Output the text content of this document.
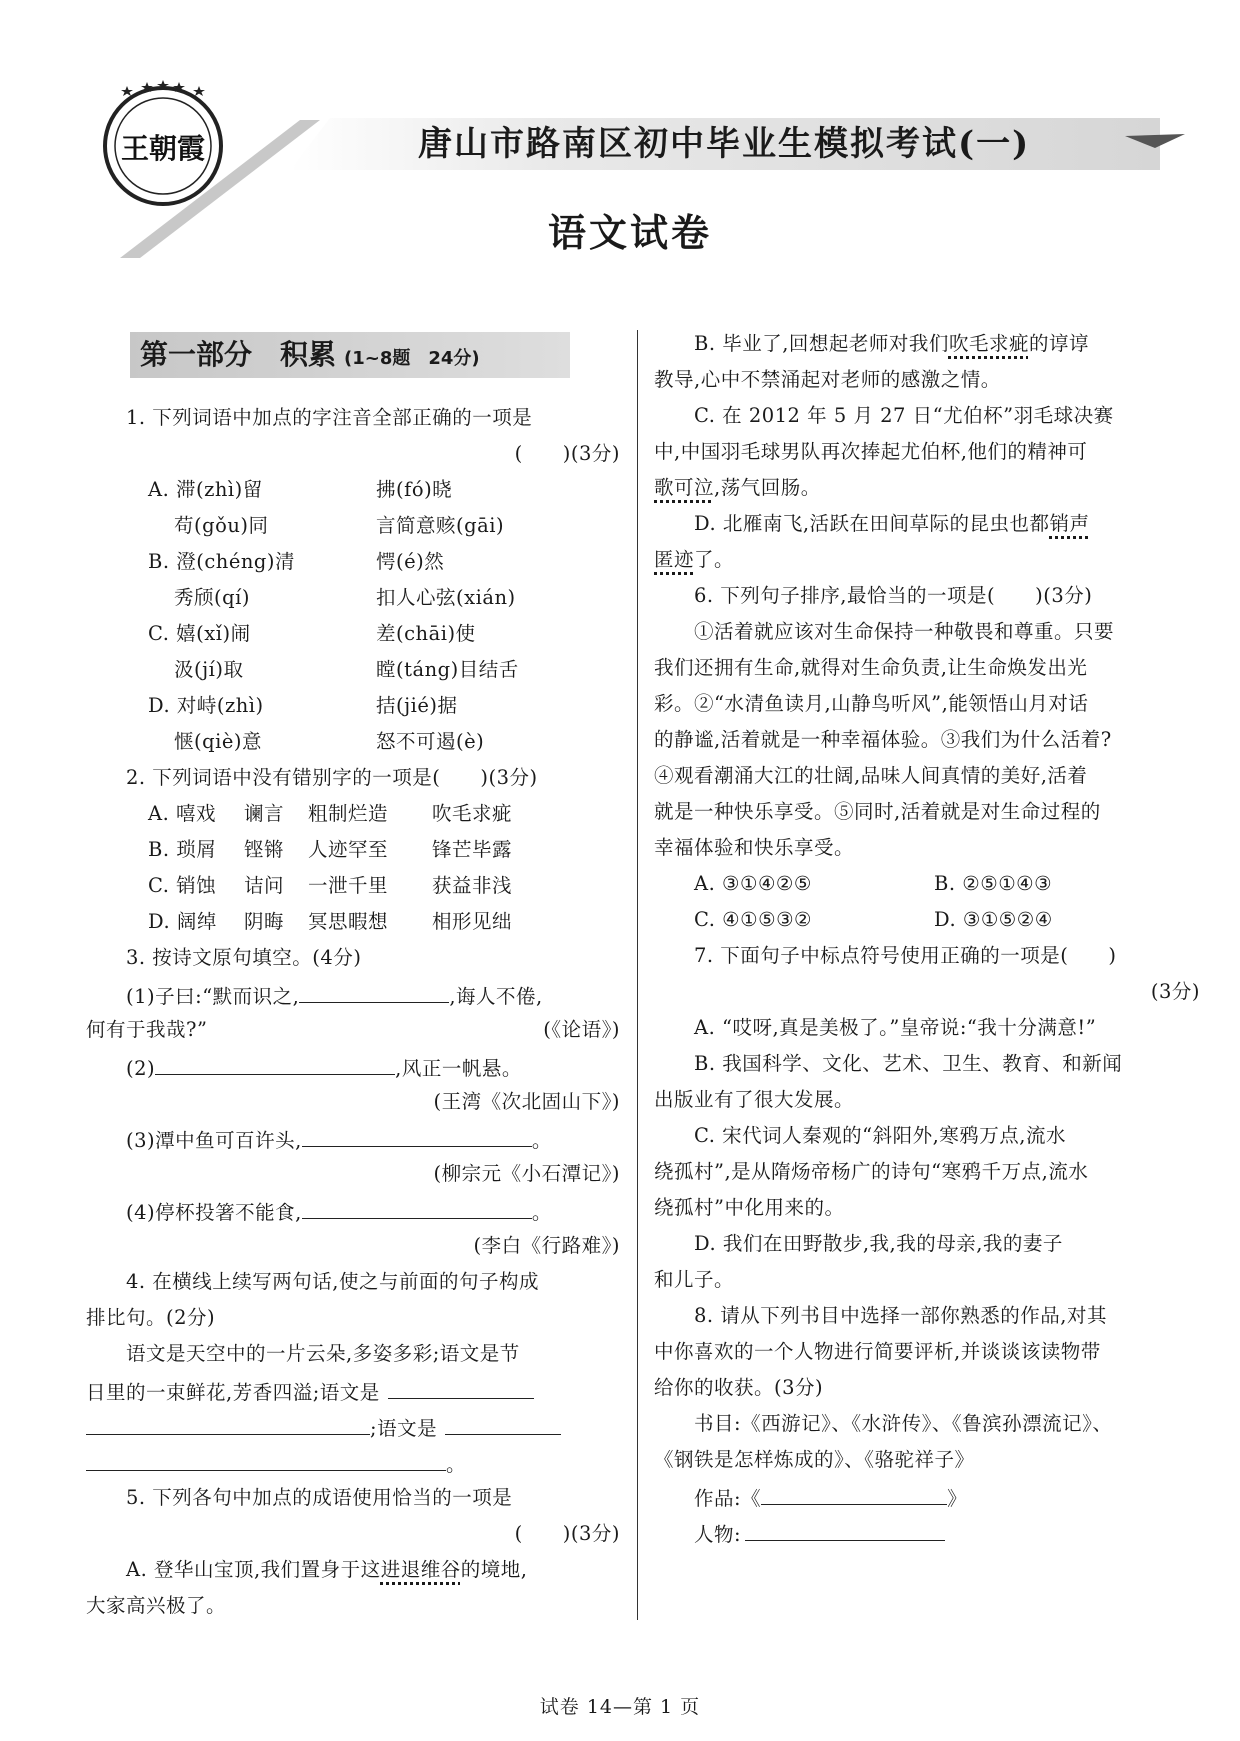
唐山市路南区初中毕业生模拟考试(一)
王朝霞
语文试卷
第一部分　积累 (1~8题　24分)
1. 下列词语中加点的字注音全部正确的一项是
(　　)(3分)
A. 滞(zhì)留	拂(fó)晓
苟(gǒu)同	言简意赅(gāi)
B. 澄(chéng)清	愕(é)然
秀颀(qí)	扣人心弦(xián)
C. 嬉(xǐ)闹	差(chāi)使
汲(jí)取	瞠(táng)目结舌
D. 对峙(zhì)	拮(jié)据
惬(qiè)意	怒不可遏(è)
2. 下列词语中没有错别字的一项是(　　)(3分)
A. 嘻戏 谰言 粗制烂造 吹毛求疵
B. 琐屑 铿锵 人迹罕至 锋芒毕露
C. 销蚀 诘问 一泄千里 获益非浅
D. 阔绰 阴晦 冥思暇想 相形见绌
3. 按诗文原句填空。(4分)
(1)子曰:“默而识之,	,诲人不倦,
何有于我哉?”	(《论语》)
(2)	,风正一帆悬。
(王湾《次北固山下》)
(3)潭中鱼可百许头,	。
(柳宗元《小石潭记》)
(4)停杯投箸不能食,	。
(李白《行路难》)
4. 在横线上续写两句话,使之与前面的句子构成
排比句。(2分)
语文是天空中的一片云朵,多姿多彩;语文是节
日里的一束鲜花,芳香四溢;语文是
;语文是
。
5. 下列各句中加点的成语使用恰当的一项是
(　　)(3分)
A. 登华山宝顶,我们置身于这进退维谷的境地,
大家高兴极了。
B. 毕业了,回想起老师对我们吹毛求疵的谆谆
教导,心中不禁涌起对老师的感激之情。
C. 在 2012 年 5 月 27 日“尤伯杯”羽毛球决赛
中,中国羽毛球男队再次捧起尤伯杯,他们的精神可
歌可泣,荡气回肠。
D. 北雁南飞,活跃在田间草际的昆虫也都销声
匿迹了。
6. 下列句子排序,最恰当的一项是(　　)(3分)
①活着就应该对生命保持一种敬畏和尊重。只要
我们还拥有生命,就得对生命负责,让生命焕发出光
彩。②“水清鱼读月,山静鸟听风”,能领悟山月对话
的静谧,活着就是一种幸福体验。③我们为什么活着?
④观看潮涌大江的壮阔,品味人间真情的美好,活着
就是一种快乐享受。⑤同时,活着就是对生命过程的
幸福体验和快乐享受。
A. ③①④②⑤	B. ②⑤①④③
C. ④①⑤③②	D. ③①⑤②④
7. 下面句子中标点符号使用正确的一项是(　　)
(3分)
A. “哎呀,真是美极了。”皇帝说:“我十分满意!”
B. 我国科学、文化、艺术、卫生、教育、和新闻
出版业有了很大发展。
C. 宋代词人秦观的“斜阳外,寒鸦万点,流水
绕孤村”,是从隋炀帝杨广的诗句“寒鸦千万点,流水
绕孤村”中化用来的。
D. 我们在田野散步,我,我的母亲,我的妻子
和儿子。
8. 请从下列书目中选择一部你熟悉的作品,对其
中你喜欢的一个人物进行简要评析,并谈谈该读物带
给你的收获。(3分)
书目:《西游记》、《水浒传》、《鲁滨孙漂流记》、
《钢铁是怎样炼成的》、《骆驼祥子》
作品:《	》
人物:
试卷 14—第 1 页
